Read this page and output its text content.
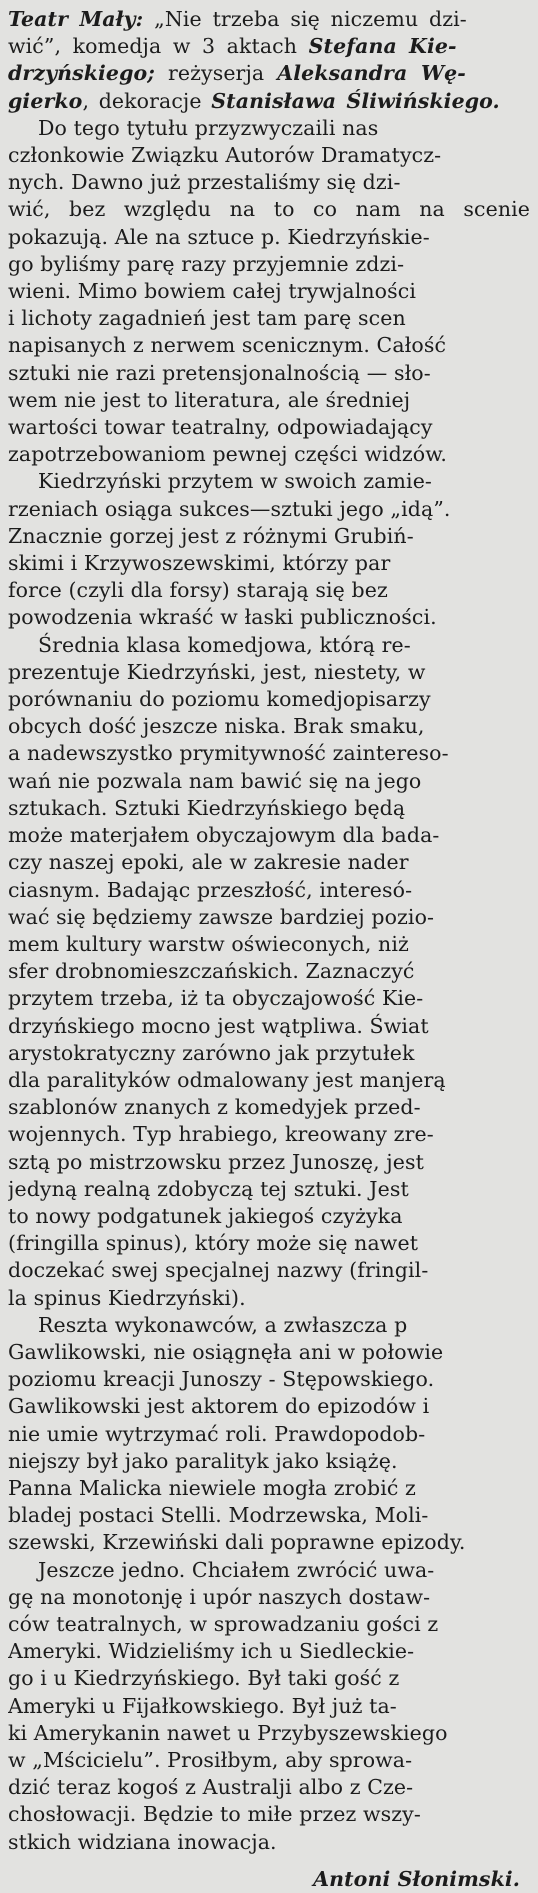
Teatr Mały: „Nie trzeba się niczemu dzi-
wić”, komedja w 3 aktach Stefana Kie-
drzyńskiego; reżyserja Aleksandra Wę-
gierko, dekoracje Stanisława Śliwińskiego.
Do tego tytułu przyzwyczaili nas
członkowie Związku Autorów Dramatycz-
nych. Dawno już przestaliśmy się dzi-
wić, bez względu na to co nam na scenie
pokazują. Ale na sztuce p. Kiedrzyńskie-
go byliśmy parę razy przyjemnie zdzi-
wieni. Mimo bowiem całej trywjalności
i lichoty zagadnień jest tam parę scen
napisanych z nerwem scenicznym. Całość
sztuki nie razi pretensjonalnością — sło-
wem nie jest to literatura, ale średniej
wartości towar teatralny, odpowiadający
zapotrzebowaniom pewnej części widzów.
Kiedrzyński przytem w swoich zamie-
rzeniach osiąga sukces—sztuki jego „idą”.
Znacznie gorzej jest z różnymi Grubiń-
skimi i Krzywoszewskimi, którzy par
force (czyli dla forsy) starają się bez
powodzenia wkraść w łaski publiczności.
Średnia klasa komedjowa, którą re-
prezentuje Kiedrzyński, jest, niestety, w
porównaniu do poziomu komedjopisarzy
obcych dość jeszcze niska. Brak smaku,
a nadewszystko prymitywność zaintereso-
wań nie pozwala nam bawić się na jego
sztukach. Sztuki Kiedrzyńskiego będą
może materjałem obyczajowym dla bada-
czy naszej epoki, ale w zakresie nader
ciasnym. Badając przeszłość, interesó-
wać się będziemy zawsze bardziej pozio-
mem kultury warstw oświeconych, niż
sfer drobnomieszczańskich. Zaznaczyć
przytem trzeba, iż ta obyczajowość Kie-
drzyńskiego mocno jest wątpliwa. Świat
arystokratyczny zarówno jak przytułek
dla paralityków odmalowany jest manjerą
szablonów znanych z komedyjek przed-
wojennych. Typ hrabiego, kreowany zre-
sztą po mistrzowsku przez Junoszę, jest
jedyną realną zdobyczą tej sztuki. Jest
to nowy podgatunek jakiegoś czyżyka
(fringilla spinus), który może się nawet
doczekać swej specjalnej nazwy (fringil-
la spinus Kiedrzyński).
Reszta wykonawców, a zwłaszcza p
Gawlikowski, nie osiągnęła ani w połowie
poziomu kreacji Junoszy - Stępowskiego.
Gawlikowski jest aktorem do epizodów i
nie umie wytrzymać roli. Prawdopodob-
niejszy był jako paralityk jako książę.
Panna Malicka niewiele mogła zrobić z
bladej postaci Stelli. Modrzewska, Moli-
szewski, Krzewiński dali poprawne epizody.
Jeszcze jedno. Chciałem zwrócić uwa-
gę na monotonję i upór naszych dostaw-
ców teatralnych, w sprowadzaniu gości z
Ameryki. Widzieliśmy ich u Siedleckie-
go i u Kiedrzyńskiego. Był taki gość z
Ameryki u Fijałkowskiego. Był już ta-
ki Amerykanin nawet u Przybyszewskiego
w „Mścicielu”. Prosiłbym, aby sprowa-
dzić teraz kogoś z Australji albo z Cze-
chosłowacji. Będzie to miłe przez wszy-
stkich widziana inowacja.
Antoni Słonimski.
